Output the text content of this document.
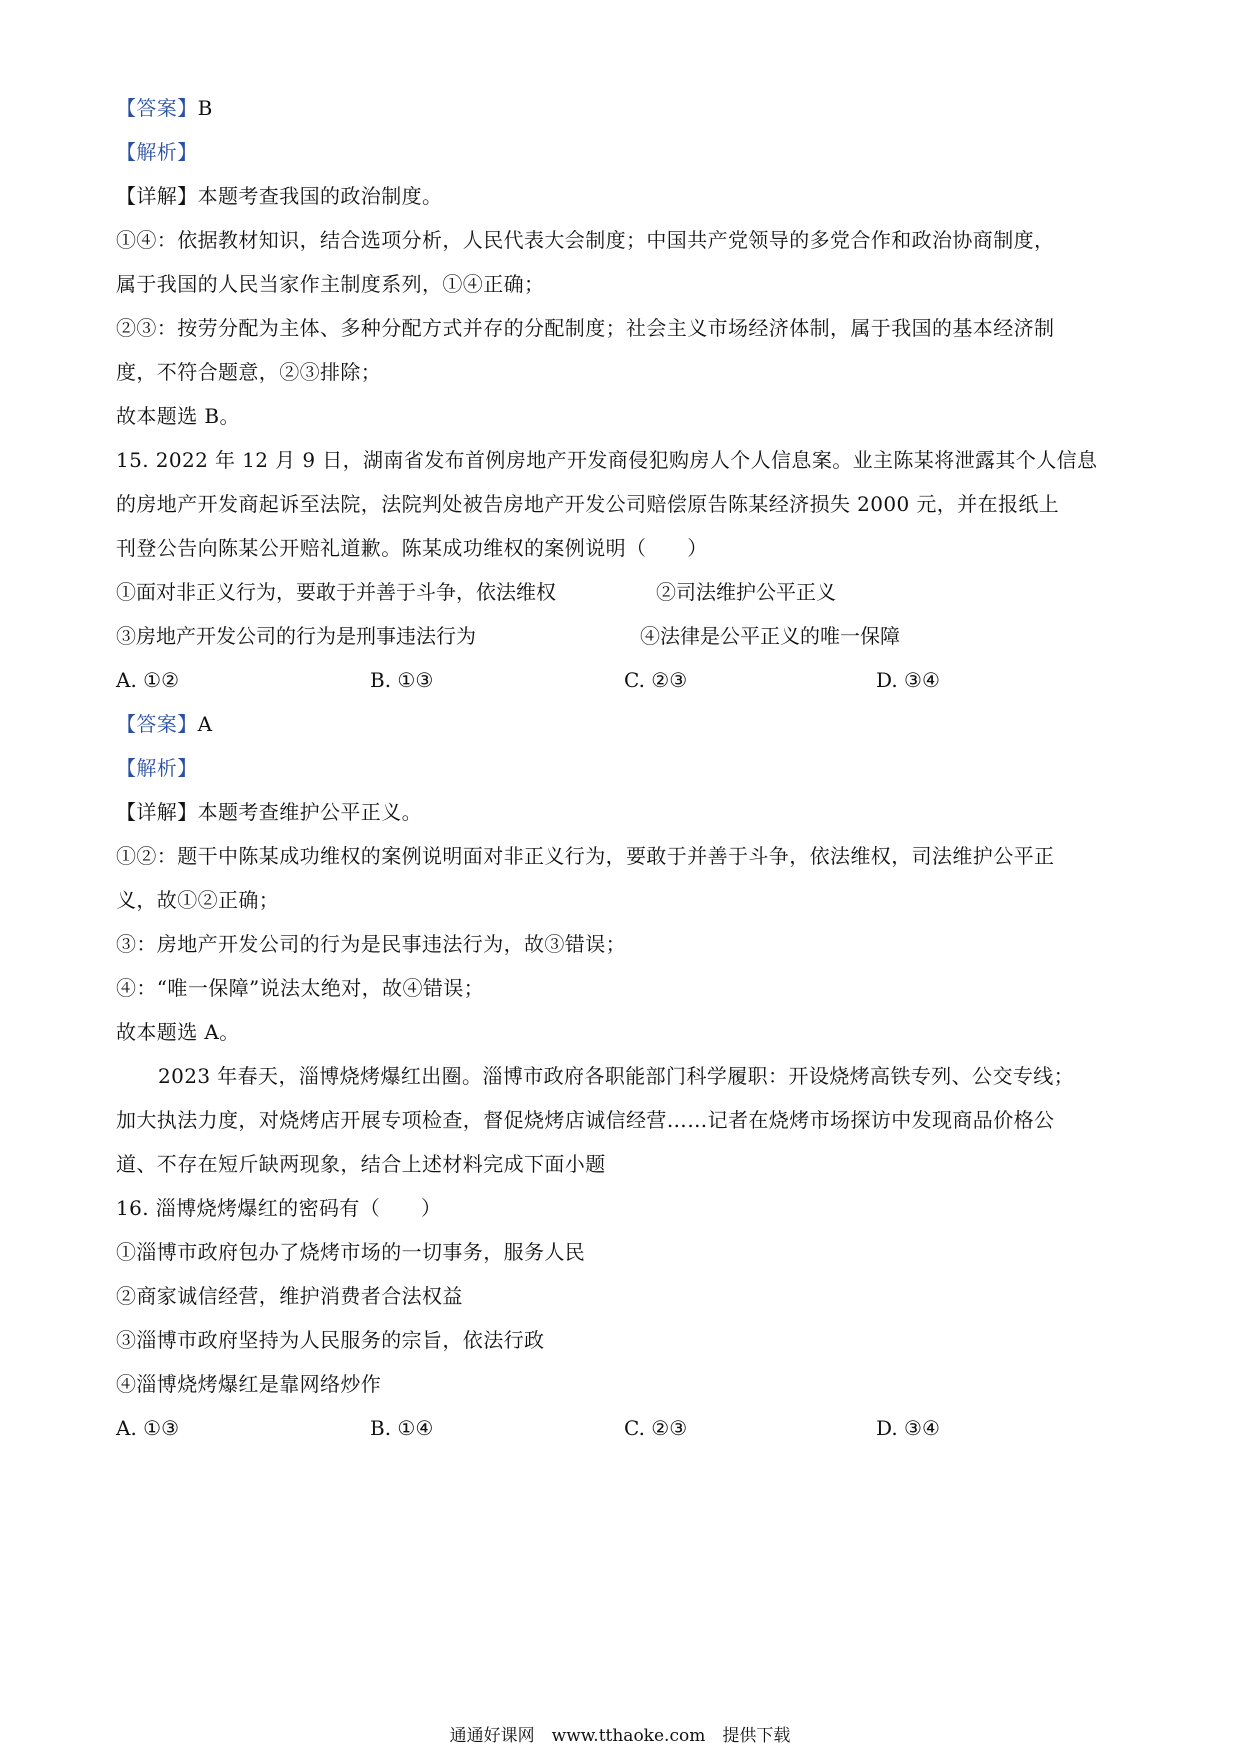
【答案】B
【解析】
【详解】本题考查我国的政治制度。
①④：依据教材知识，结合选项分析，人民代表大会制度；中国共产党领导的多党合作和政治协商制度，
属于我国的人民当家作主制度系列，①④正确；
②③：按劳分配为主体、多种分配方式并存的分配制度；社会主义市场经济体制，属于我国的基本经济制
度，不符合题意，②③排除；
故本题选 B。
15. 2022 年 12 月 9 日，湖南省发布首例房地产开发商侵犯购房人个人信息案。业主陈某将泄露其个人信息
的房地产开发商起诉至法院，法院判处被告房地产开发公司赔偿原告陈某经济损失 2000 元，并在报纸上
刊登公告向陈某公开赔礼道歉。陈某成功维权的案例说明（　　）
①面对非正义行为，要敢于并善于斗争，依法维权	②司法维护公平正义
③房地产开发公司的行为是刑事违法行为	④法律是公平正义的唯一保障
A. ①②	B. ①③	C. ②③	D. ③④
【答案】A
【解析】
【详解】本题考查维护公平正义。
①②：题干中陈某成功维权的案例说明面对非正义行为，要敢于并善于斗争，依法维权，司法维护公平正
义，故①②正确；
③：房地产开发公司的行为是民事违法行为，故③错误；
④：“唯一保障”说法太绝对，故④错误；
故本题选 A。
2023 年春天，淄博烧烤爆红出圈。淄博市政府各职能部门科学履职：开设烧烤高铁专列、公交专线；
加大执法力度，对烧烤店开展专项检查，督促烧烤店诚信经营……记者在烧烤市场探访中发现商品价格公
道、不存在短斤缺两现象，结合上述材料完成下面小题
16. 淄博烧烤爆红的密码有（　　）
①淄博市政府包办了烧烤市场的一切事务，服务人民
②商家诚信经营，维护消费者合法权益
③淄博市政府坚持为人民服务的宗旨，依法行政
④淄博烧烤爆红是靠网络炒作
A. ①③	B. ①④	C. ②③	D. ③④
通通好课网　www.tthaoke.com　提供下载
